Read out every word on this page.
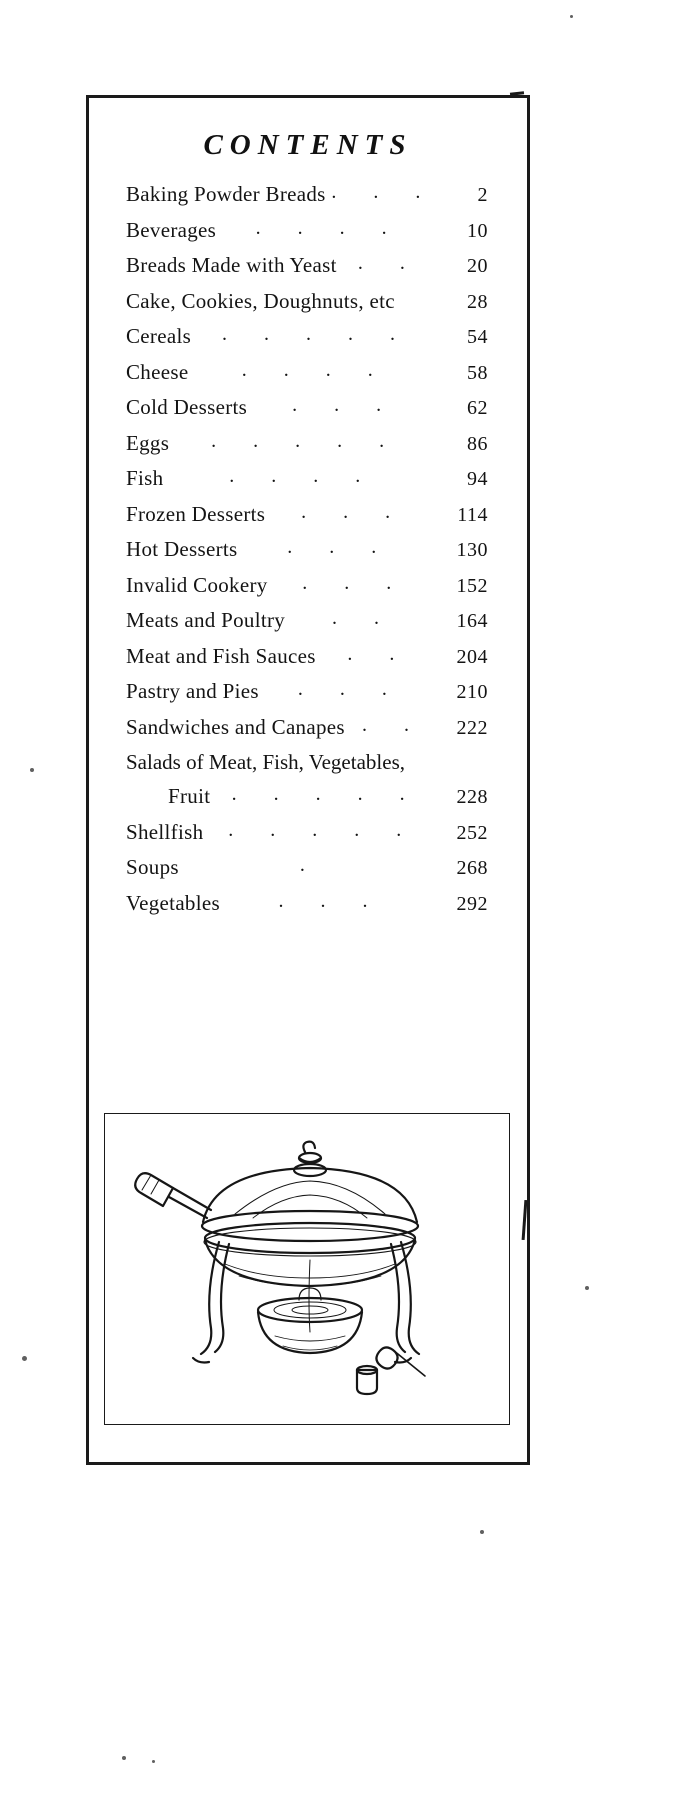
CONTENTS
Baking Powder Breads . . .	2
Beverages	. . . .	10
Breads Made with Yeast	. .	20
Cake, Cookies, Doughnuts, etc	28
Cereals	. . . . .	54
Cheese	. . . .	58
Cold Desserts	. . .	62
Eggs	. . . . .	86
Fish	. . . .	94
Frozen Desserts	. . .	114
Hot Desserts	. . .	130
Invalid Cookery	. . .	152
Meats and Poultry	. .	164
Meat and Fish Sauces	. .	204
Pastry and Pies	. . .	210
Sandwiches and Canapes . .	222
Salads of Meat, Fish, Vegetables,
Fruit	. . . . .	228
Shellfish	. . . . .	252
Soups	.	268
Vegetables	. . .	292
